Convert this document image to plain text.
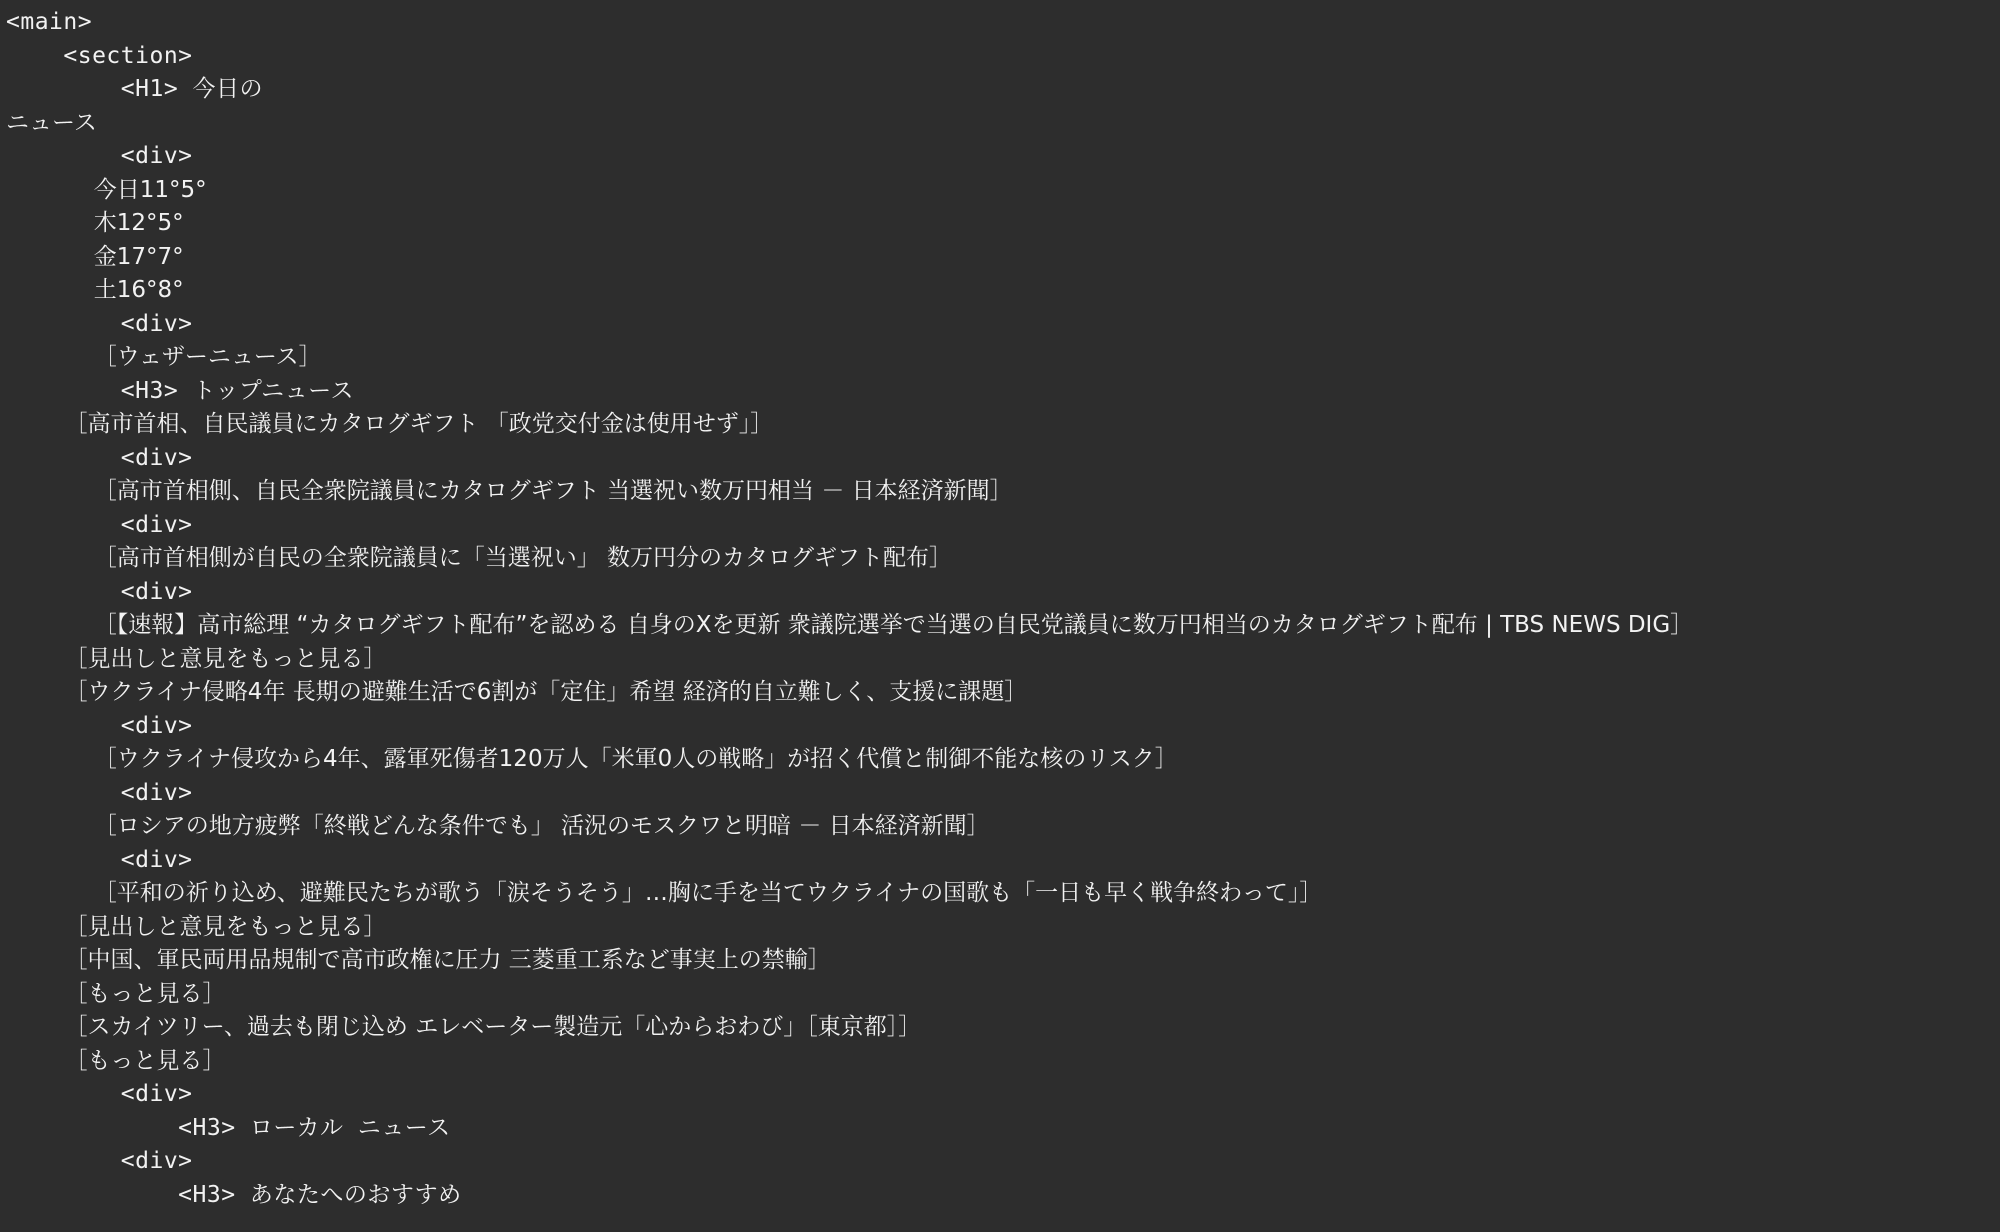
<main>
<section>
<H1> 今日の
ニュース
<div>
今日11°5°
木12°5°
金17°7°
土16°8°
<div>
［ウェザーニュース］
<H3> トップニュース
［高市首相、自民議員にカタログギフト 「政党交付金は使用せず」］
<div>
［高市首相側、自民全衆院議員にカタログギフト 当選祝い数万円相当 － 日本経済新聞］
<div>
［高市首相側が自民の全衆院議員に「当選祝い」 数万円分のカタログギフト配布］
<div>
［【速報】高市総理 “カタログギフト配布”を認める 自身のXを更新 衆議院選挙で当選の自民党議員に数万円相当のカタログギフト配布 | TBS NEWS DIG］
［見出しと意見をもっと見る］
［ウクライナ侵略4年 長期の避難生活で6割が「定住」希望 経済的自立難しく、支援に課題］
<div>
［ウクライナ侵攻から4年、露軍死傷者120万人「米軍0人の戦略」が招く代償と制御不能な核のリスク］
<div>
［ロシアの地方疲弊「終戦どんな条件でも」 活況のモスクワと明暗 － 日本経済新聞］
<div>
［平和の祈り込め、避難民たちが歌う「涙そうそう」…胸に手を当てウクライナの国歌も「一日も早く戦争終わって」］
［見出しと意見をもっと見る］
［中国、軍民両用品規制で高市政権に圧力 三菱重工系など事実上の禁輸］
［もっと見る］
［スカイツリー、過去も閉じ込め エレベーター製造元「心からおわび」［東京都］］
［もっと見る］
<div>
<H3> ローカル ニュース
<div>
<H3> あなたへのおすすめ
